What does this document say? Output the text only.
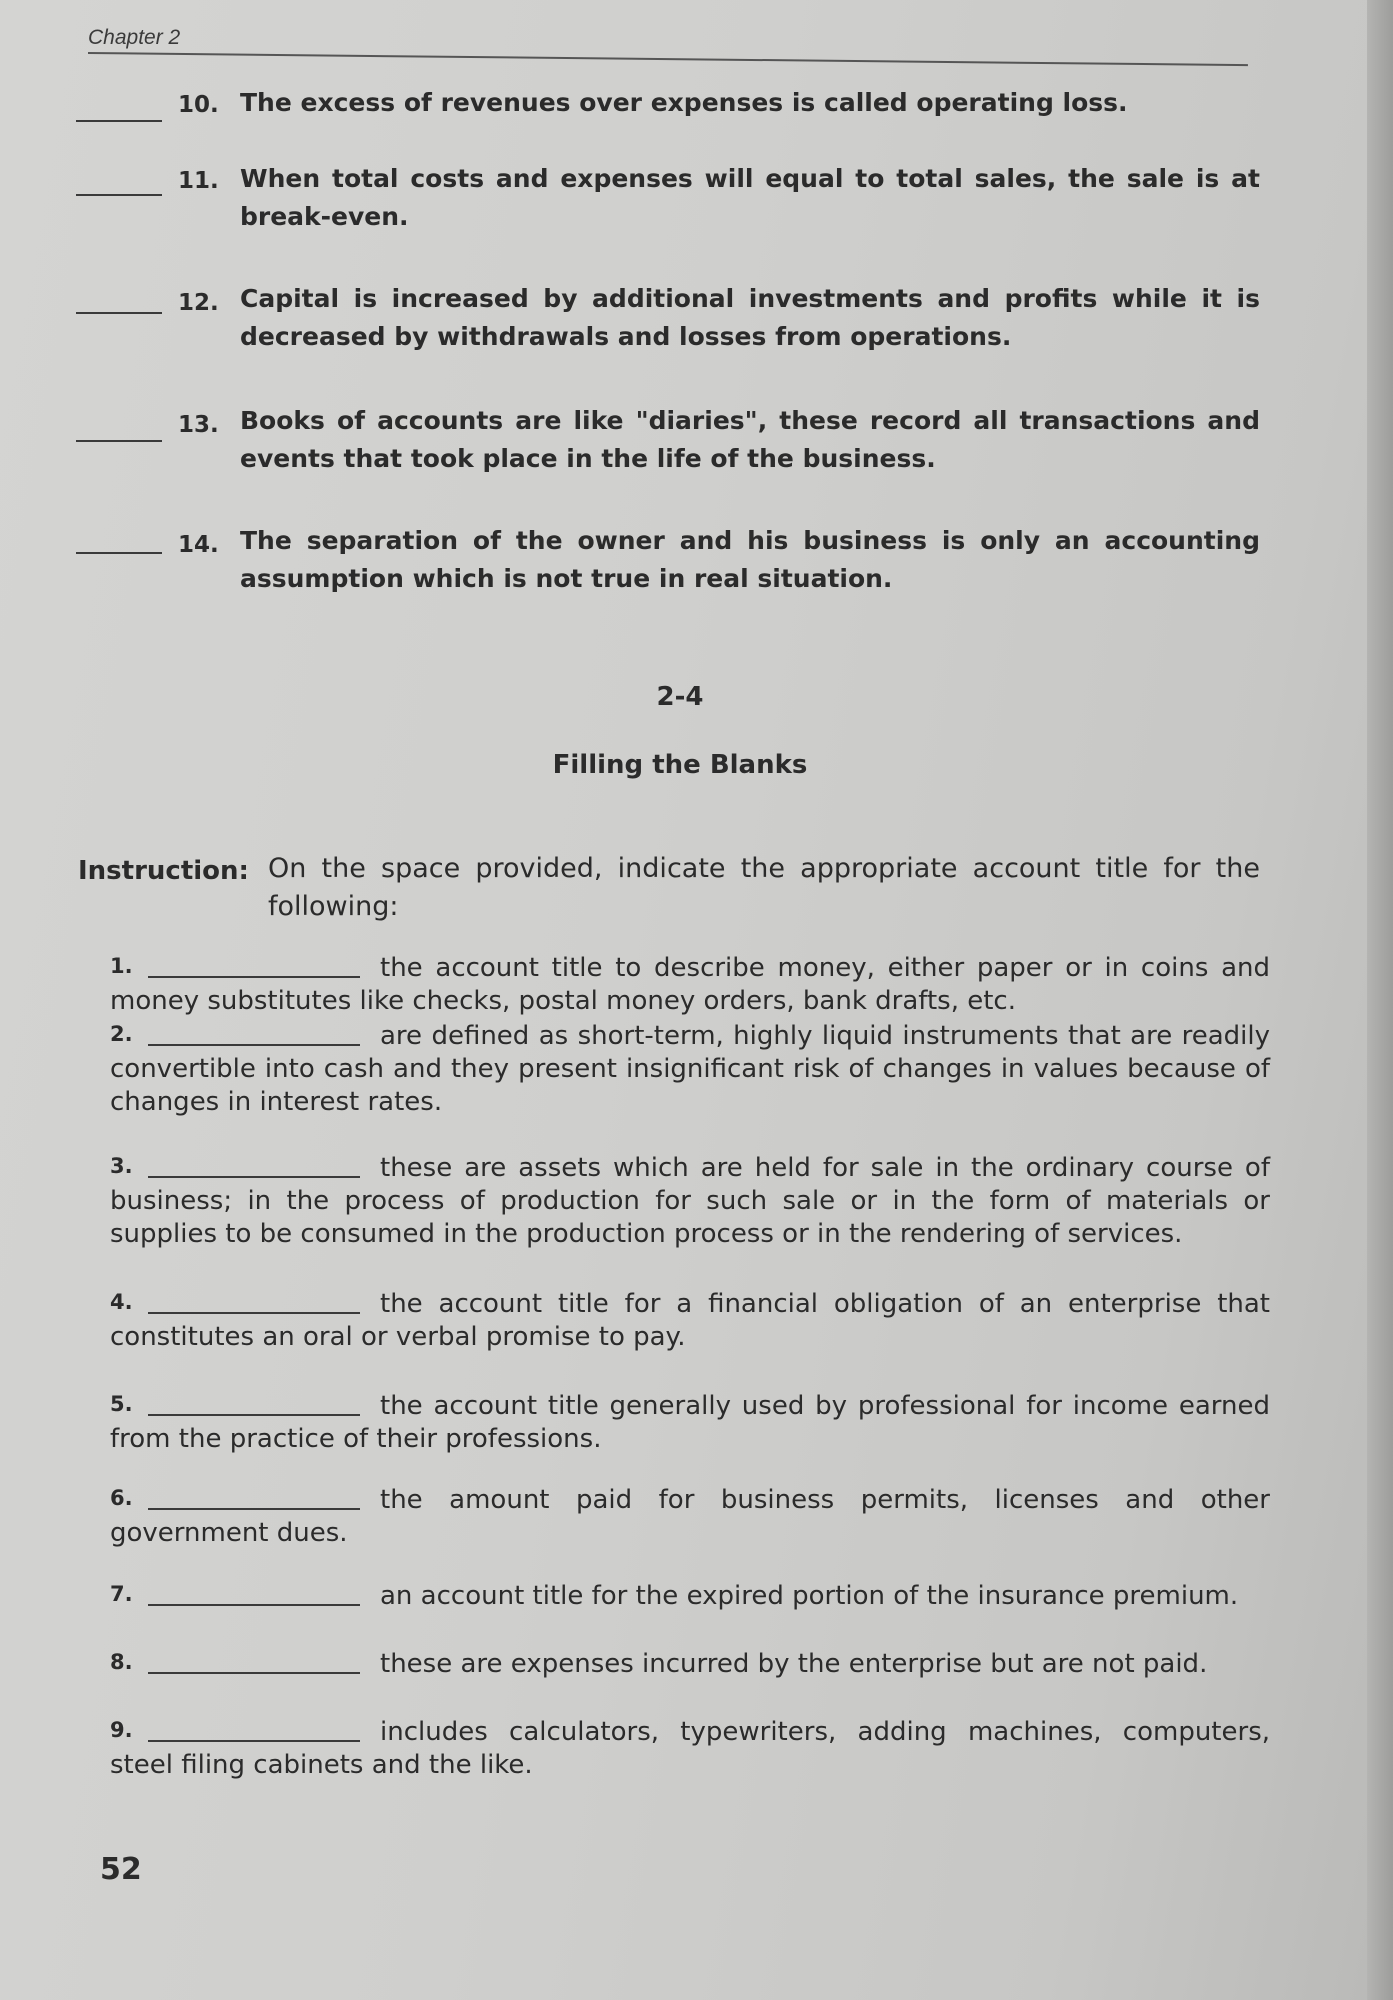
Chapter 2
10. The excess of revenues over expenses is called operating loss.
11. When total costs and expenses will equal to total sales, the sale is at break-even.
12. Capital is increased by additional investments and profits while it is decreased by withdrawals and losses from operations.
13. Books of accounts are like "diaries", these record all transactions and events that took place in the life of the business.
14. The separation of the owner and his business is only an accounting assumption which is not true in real situation.
2-4
Filling the Blanks
Instruction: On the space provided, indicate the appropriate account title for the following:
the account title to describe money, either paper or in coins and money substitutes like checks, postal money orders, bank drafts, etc.
1.
are defined as short-term, highly liquid instruments that are readily convertible into cash and they present insignificant risk of changes in values because of changes in interest rates.
2.
these are assets which are held for sale in the ordinary course of business; in the process of production for such sale or in the form of materials or supplies to be consumed in the production process or in the rendering of services.
3.
the account title for a financial obligation of an enterprise that constitutes an oral or verbal promise to pay.
4.
the account title generally used by professional for income earned from the practice of their professions.
5.
the amount paid for business permits, licenses and other government dues.
6.
an account title for the expired portion of the insurance premium.
7.
these are expenses incurred by the enterprise but are not paid.
8.
includes calculators, typewriters, adding machines, computers, steel filing cabinets and the like.
9.
52
